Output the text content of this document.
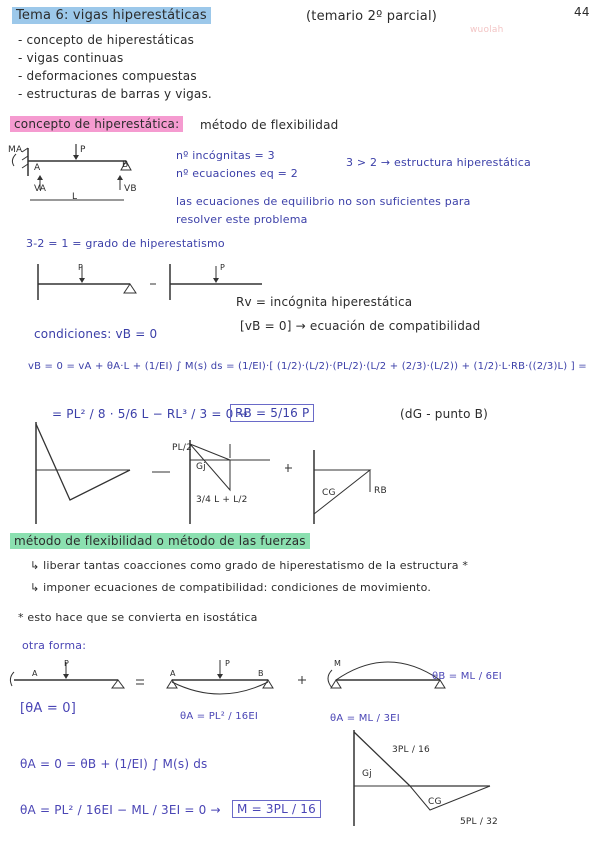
44
Tema 6: vigas hiperestáticas	(temario 2º parcial)
wuolah
- concepto de hiperestáticas
- vigas continuas
- deformaciones compuestas
- estructuras de barras y vigas.
concepto de hiperestática:	método de flexibilidad
MA
A	B
P
VA	VB
L
nº incógnitas = 3
nº ecuaciones eq = 2
3 > 2 → estructura hiperestática
las ecuaciones de equilibrio no son suficientes para
resolver este problema
3-2 = 1 = grado de hiperestatismo
P	P
Rv = incógnita hiperestática
[vB = 0] → ecuación de compatibilidad
condiciones: vB = 0
vB = 0 = vA + θA·L + (1/EI) ∫ M(s) ds = (1/EI)·[ (1/2)·(L/2)·(PL/2)·(L/2 + (2/3)·(L/2)) + (1/2)·L·RB·((2/3)L) ] =
= PL² / 8 · 5/6 L − RL³ / 3 = 0 →
RB = 5/16 P	(dG - punto B)
PL/2
Gj
3/4 L + L/2
CG	RB
método de flexibilidad o método de las fuerzas
↳ liberar tantas coacciones como grado de hiperestatismo de la estructura *
↳ imponer ecuaciones de compatibilidad: condiciones de movimiento.
* esto hace que se convierta en isostática
otra forma:
P
A	A	B
P	M
[θA = 0]
θA = PL² / 16EI
θB = ML / 6EI
θA = ML / 3EI
θA = 0 = θB + (1/EI) ∫ M(s) ds
θA = PL² / 16EI − ML / 3EI = 0 →	M = 3PL / 16
3PL / 16
Gj
CG
5PL / 32
